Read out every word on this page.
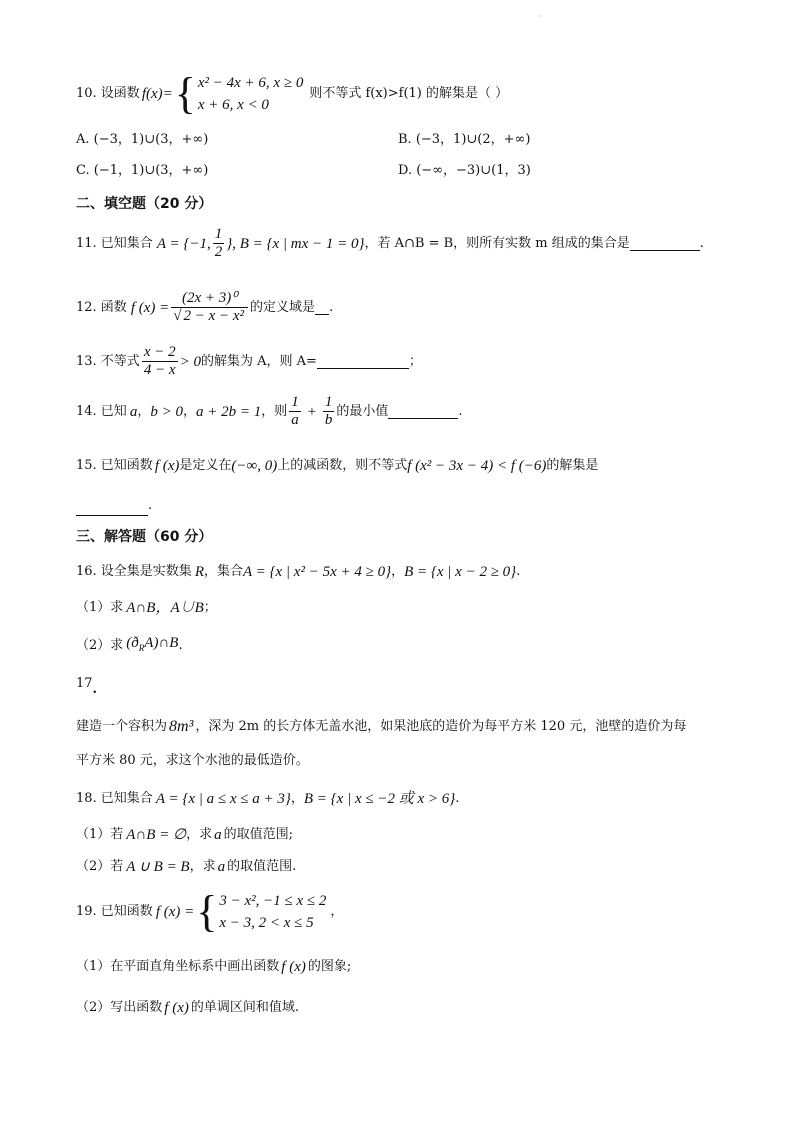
·
10. 设函数 f(x)= { x² − 4x + 6, x ≥ 0
x + 6, x < 0
则不等式 f(x)>f(1) 的解集是（ ）
A. (−3，1)∪(3，+∞)	B. (−3，1)∪(2，+∞)
C. (−1，1)∪(3，+∞)	D. (−∞，−3)∪(1，3)
二、填空题（20 分）
11. 已知集合 A = {−1, $\frac{1}{2}$ }, B = {x | mx − 1 = 0} ，若 A∩B = B，则所有实数 m 组成的集合是	.
12. 函数 f $(x) = \frac{\text{(2x + 3)⁰}}{\text{√ 2 − x − x²}}$ 的定义域是 .
13. 不等式 $\frac{x - 2}{4 - x} > 0$ 的解集为 A，则 A=	；
14. 已知 a ， b > 0 ， a + 2b = 1 ，则 $\frac{1}{a} + \frac{1}{b}$ 的最小值	.
15. 已知函数 f (x) 是定义在 (−∞, 0) 上的减函数，则不等式 f (x² − 3x − 4) < f (−6) 的解集是
.
三、解答题（60 分）
16. 设全集是实数集 R ，集合 A = {x | x² − 5x + 4 ≥ 0} ， B = {x | x − 2 ≥ 0} .
（1）求 A∩B，A∪B ；
（2）求 $(ð_RA)\cap B$ .
17.
建造一个容积为 8m³ ，深为 2m 的长方体无盖水池，如果池底的造价为每平方米 120 元，池壁的造价为每
平方米 80 元，求这个水池的最低造价。
18. 已知集合 A = {x | a ≤ x ≤ a + 3} ， B = {x | x ≤ −2 或 x > 6} .
（1）若 A∩B = ∅ ，求 a 的取值范围;
（2）若 A ∪ B = B ，求 a 的取值范围.
19. 已知函数 f (x) = { 3 − x², −1 ≤ x ≤ 2
x − 3, 2 < x ≤ 5
，
（1）在平面直角坐标系中画出函数 f (x) 的图象;
（2）写出函数 f (x) 的单调区间和值域.
